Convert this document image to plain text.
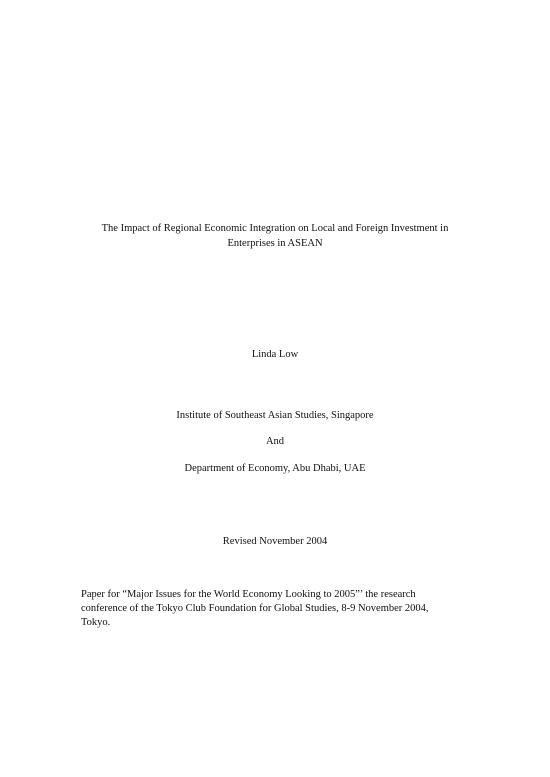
The Impact of Regional Economic Integration on Local and Foreign Investment in
Enterprises in ASEAN
Linda Low
Institute of Southeast Asian Studies, Singapore
And
Department of Economy, Abu Dhabi, UAE
Revised November 2004
Paper for “Major Issues for the World Economy Looking to 2005”’ the research
conference of the Tokyo Club Foundation for Global Studies, 8-9 November 2004,
Tokyo.
